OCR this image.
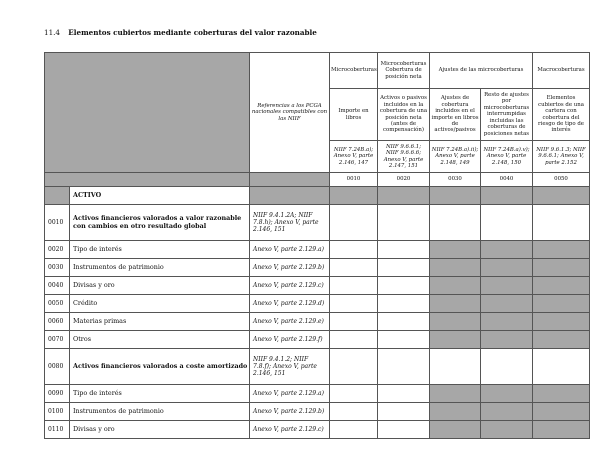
11.4 Elementos cubiertos mediante coberturas del valor razonable
		Referencias a los PCGA nacionales compatibles con las NIIF	Microcoberturas	Microcoberturas Cobertura de posición neta	Ajustes de las microcoberturas		Macrocoberturas
			Importe en libros	Activos o pasivos incluidos en la cobertura de una posición neta (antes de compensación)	Ajustes de cobertura incluidos en el importe en libros de activos/pasivos	Resto de ajustes por microcoberturas interrumpidas incluidas las coberturas de posiciones netas	Elementos cubiertos de una cartera con cobertura del riesgo de tipo de interés
			NIIF 7.24B.a); Anexo V, parte 2.146, 147	NIIF 9.6.6.1; NIIF 9.6.6.6; Anexo V, parte 2.147, 151	NIIF 7.24B.a).ii); Anexo V, parte 2.148, 149	NIIF 7.24B.a).v); Anexo V, parte 2.148, 150	NIIF 9.6.1.3; NIIF 9.6.6.1; Anexo V, parte 2.152
			0010	0020	0030	0040	0050
	ACTIVO						
0010	Activos financieros valorados a valor razonable con cambios en otro resultado global	NIIF 9.4.1.2A; NIIF 7.8.h); Anexo V, parte 2.146, 151					
0020	Tipo de interés	Anexo V, parte 2.129.a)					
0030	Instrumentos de patrimonio	Anexo V, parte 2.129.b)					
0040	Divisas y oro	Anexo V, parte 2.129.c)					
0050	Crédito	Anexo V, parte 2.129.d)					
0060	Materias primas	Anexo V, parte 2.129.e)					
0070	Otros	Anexo V, parte 2.129.f)					
0080	Activos financieros valorados a coste amortizado	NIIF 9.4.1.2; NIIF 7.8.f); Anexo V, parte 2.146, 151					
0090	Tipo de interés	Anexo V, parte 2.129.a)					
0100	Instrumentos de patrimonio	Anexo V, parte 2.129.b)					
0110	Divisas y oro	Anexo V, parte 2.129.c)					
